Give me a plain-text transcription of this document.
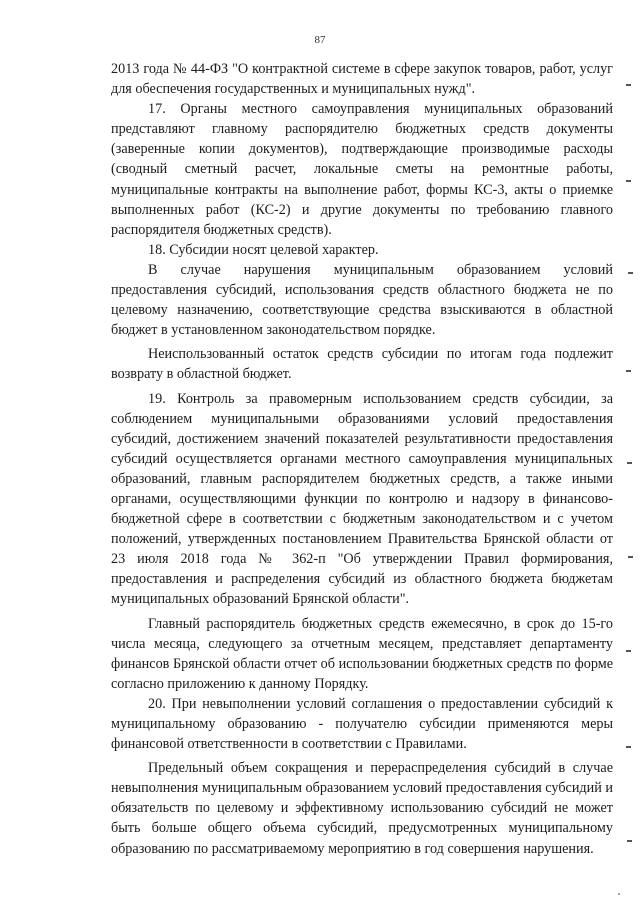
87

2013 года № 44-ФЗ "О контрактной системе в сфере закупок товаров, работ, услуг для обеспечения государственных и муниципальных нужд".

17. Органы местного самоуправления муниципальных образований представляют главному распорядителю бюджетных средств документы (заверенные копии документов), подтверждающие производимые расходы (сводный сметный расчет, локальные сметы на ремонтные работы, муниципальные контракты на выполнение работ, формы КС-3, акты о приемке выполненных работ (КС-2) и другие документы по требованию главного распорядителя бюджетных средств).

18. Субсидии носят целевой характер.

В случае нарушения муниципальным образованием условий предоставления субсидий, использования средств областного бюджета не по целевому назначению, соответствующие средства взыскиваются в областной бюджет в установленном законодательством порядке.

Неиспользованный остаток средств субсидии по итогам года подлежит возврату в областной бюджет.

19. Контроль за правомерным использованием средств субсидии, за соблюдением муниципальными образованиями условий предоставления субсидий, достижением значений показателей результативности предоставления субсидий осуществляется органами местного самоуправления муниципальных образований, главным распорядителем бюджетных средств, а также иными органами, осуществляющими функции по контролю и надзору в финансово-бюджетной сфере в соответствии с бюджетным законодательством и с учетом положений, утвержденных постановлением Правительства Брянской области от 23 июля 2018 года № 362-п "Об утверждении Правил формирования, предоставления и распределения субсидий из областного бюджета бюджетам муниципальных образований Брянской области".

Главный распорядитель бюджетных средств ежемесячно, в срок до 15-го числа месяца, следующего за отчетным месяцем, представляет департаменту финансов Брянской области отчет об использовании бюджетных средств по форме согласно приложению к данному Порядку.

20. При невыполнении условий соглашения о предоставлении субсидий к муниципальному образованию - получателю субсидии применяются меры финансовой ответственности в соответствии с Правилами.

Предельный объем сокращения и перераспределения субсидий в случае невыполнения муниципальным образованием условий предоставления субсидий и обязательств по целевому и эффективному использованию субсидий не может быть больше общего объема субсидий, предусмотренных муниципальному образованию по рассматриваемому мероприятию в год совершения нарушения.
